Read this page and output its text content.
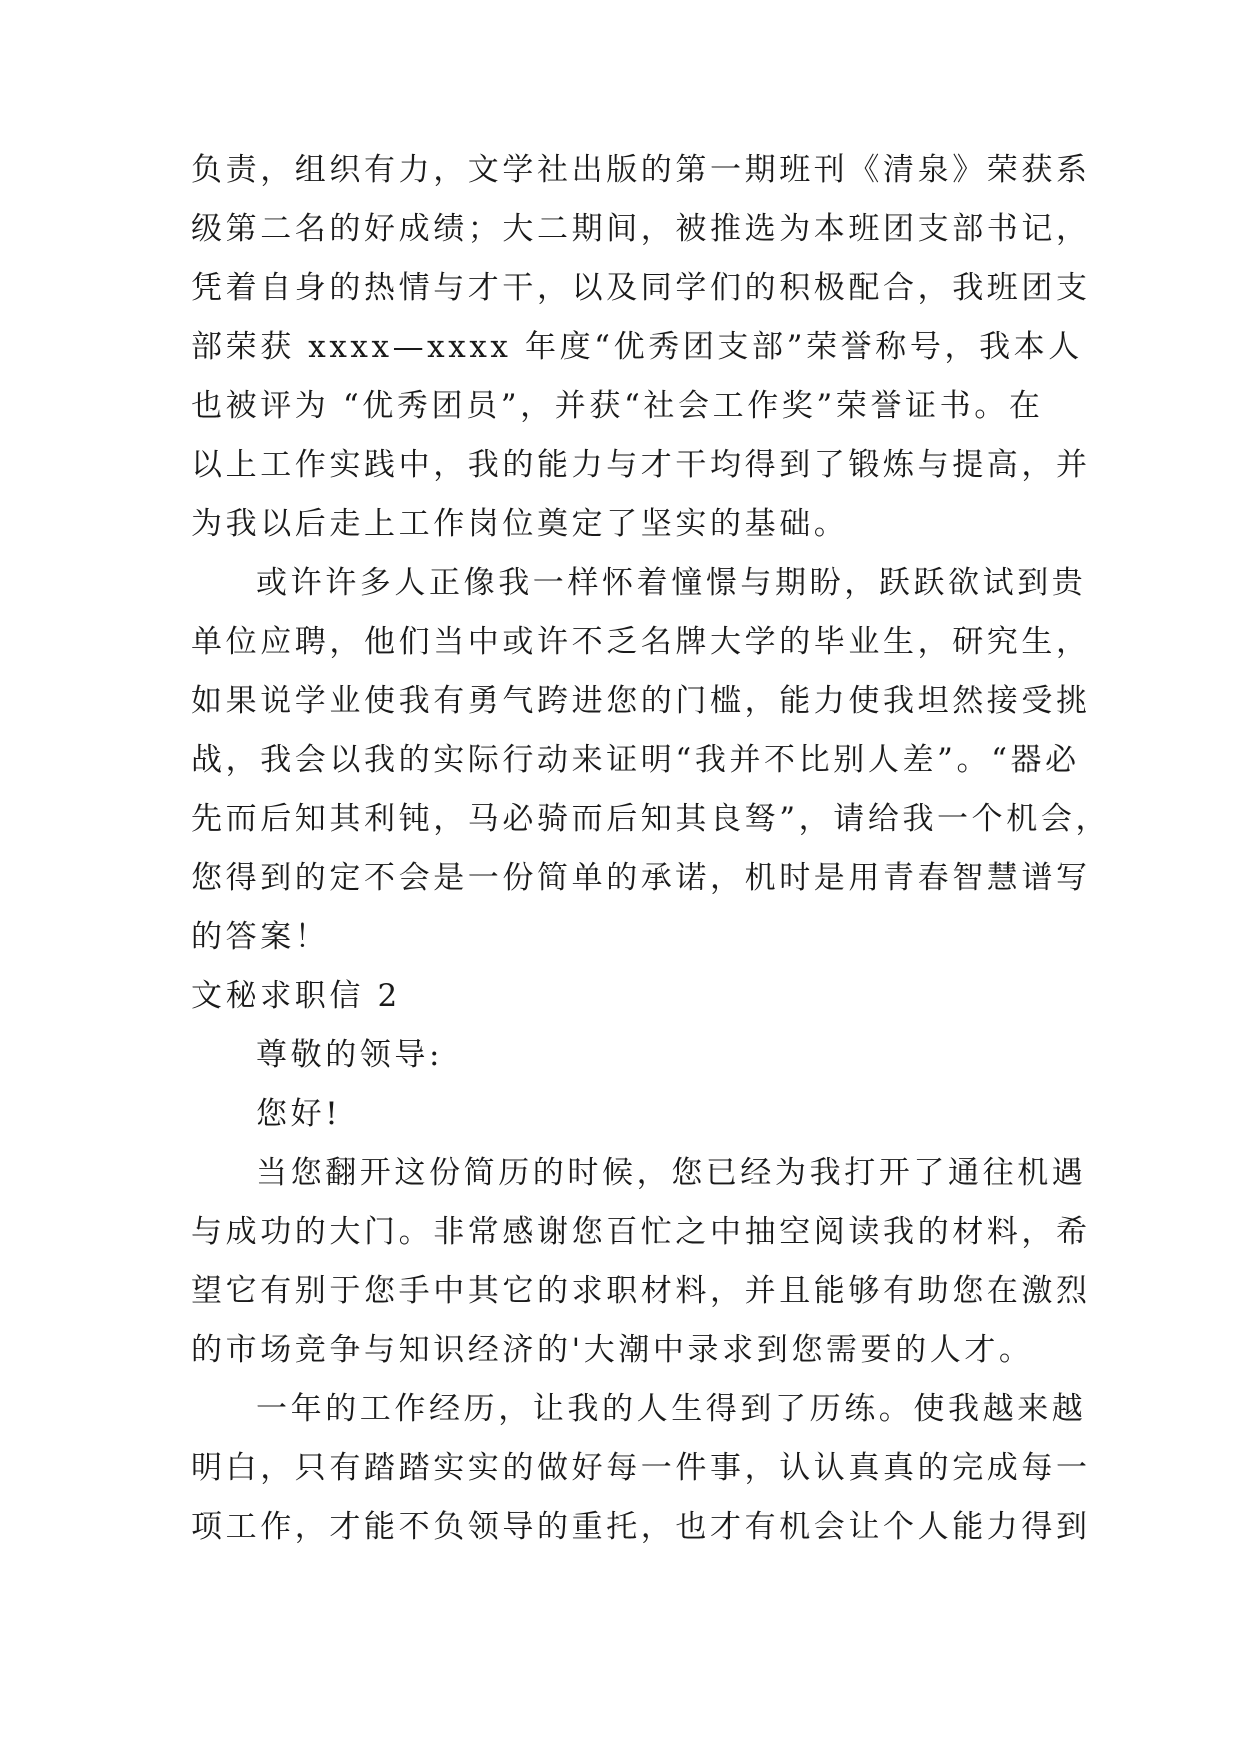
负责，组织有力，文学社出版的第一期班刊《清泉》荣获系
级第二名的好成绩；大二期间，被推选为本班团支部书记，
凭着自身的热情与才干，以及同学们的积极配合，我班团支
部荣获 xxxx—xxxx 年度“优秀团支部”荣誉称号，我本人
也被评为 “优秀团员”，并获“社会工作奖”荣誉证书。在
以上工作实践中，我的能力与才干均得到了锻炼与提高，并
为我以后走上工作岗位奠定了坚实的基础。
或许许多人正像我一样怀着憧憬与期盼，跃跃欲试到贵
单位应聘，他们当中或许不乏名牌大学的毕业生，研究生，
如果说学业使我有勇气跨进您的门槛，能力使我坦然接受挑
战，我会以我的实际行动来证明“我并不比别人差”。“器必
先而后知其利钝，马必骑而后知其良驽”，请给我一个机会，
您得到的定不会是一份简单的承诺，机时是用青春智慧谱写
的答案！
文秘求职信 2
尊敬的领导:
您好!
当您翻开这份简历的时候，您已经为我打开了通往机遇
与成功的大门。非常感谢您百忙之中抽空阅读我的材料，希
望它有别于您手中其它的求职材料，并且能够有助您在激烈
的市场竞争与知识经济的'大潮中录求到您需要的人才。
一年的工作经历，让我的人生得到了历练。使我越来越
明白，只有踏踏实实的做好每一件事，认认真真的完成每一
项工作，才能不负领导的重托，也才有机会让个人能力得到
